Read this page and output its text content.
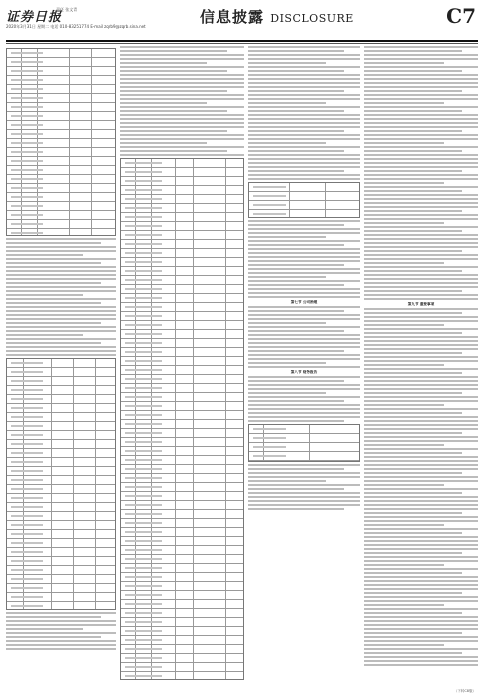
证券日报
责任 张文青
2020年3月31日 星期二 电话 010-83251774 E-mail zqrb9@zqrb.sina.net
信息披露 DISCLOSURE	C7
第七节 公司治理
第八节 财务报告
第九节 重要事项
（下转C8版）
